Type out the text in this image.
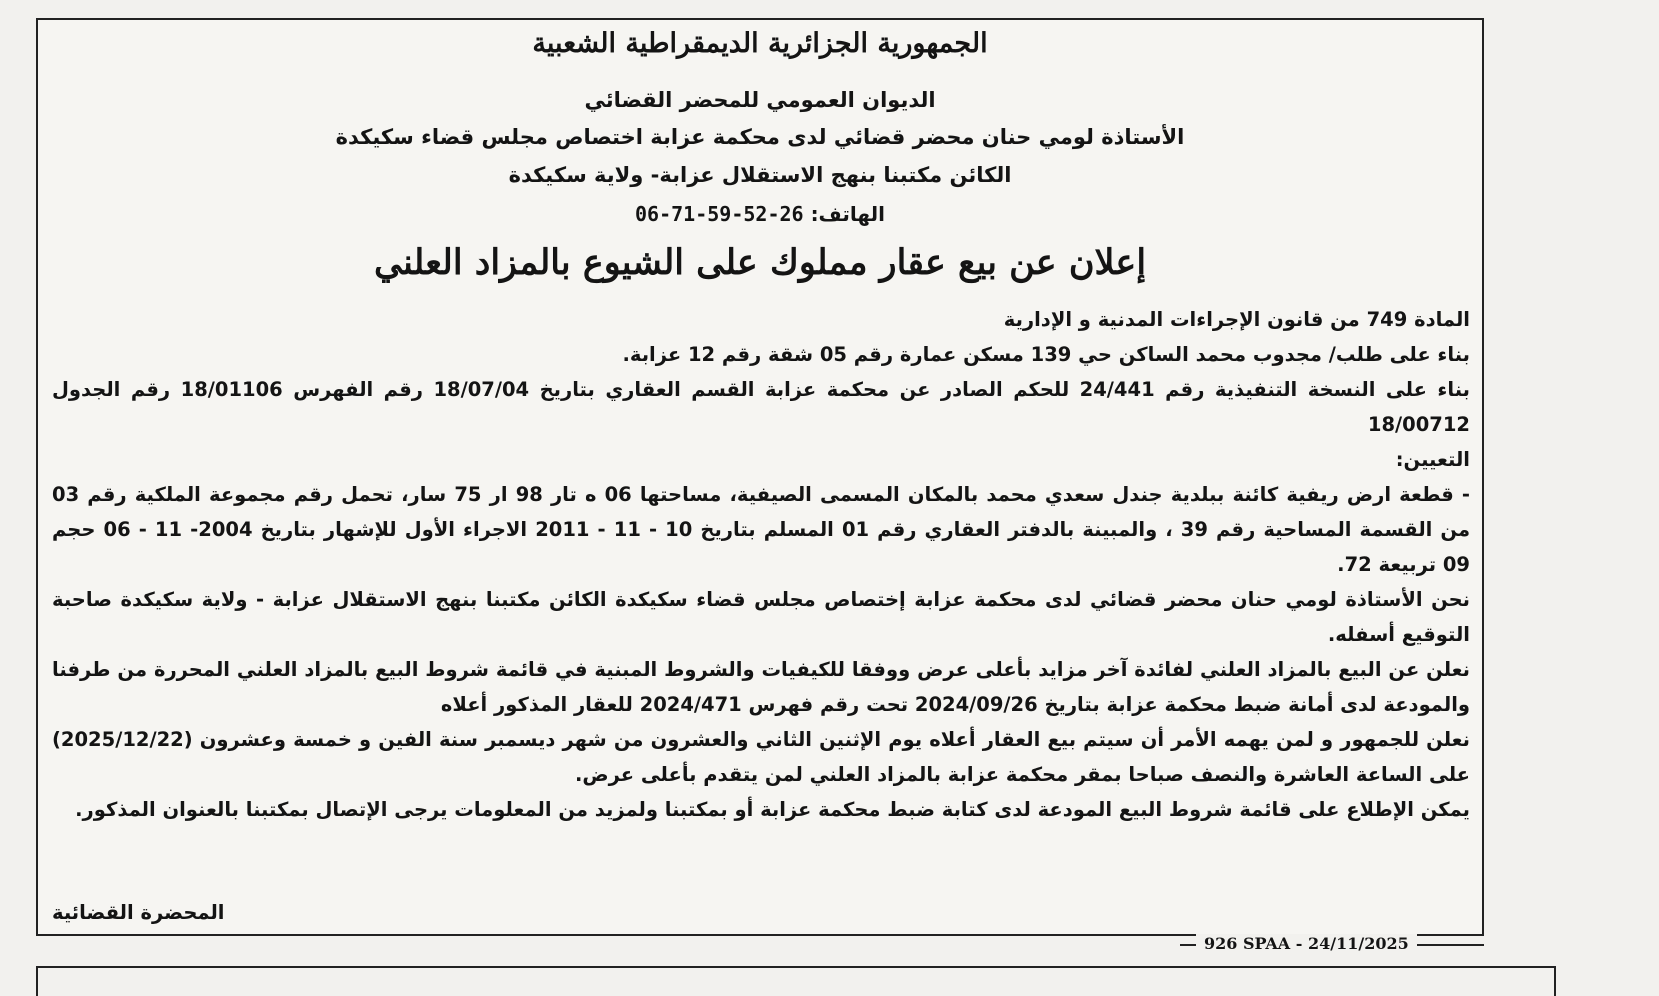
الجمهورية الجزائرية الديمقراطية الشعبية
الديوان العمومي للمحضر القضائي
الأستاذة لومي حنان محضر قضائي لدى محكمة عزابة اختصاص مجلس قضاء سكيكدة
الكائن مكتبنا بنهج الاستقلال عزابة- ولاية سكيكدة
الهاتف: 06-71-59-52-26
إعلان عن بيع عقار مملوك على الشيوع بالمزاد العلني

المادة 749 من قانون الإجراءات المدنية و الإدارية

بناء على طلب/ مجدوب محمد الساكن حي 139 مسكن عمارة رقم 05 شقة رقم 12 عزابة.

بناء على النسخة التنفيذية رقم 24/441 للحكم الصادر عن محكمة عزابة القسم العقاري بتاريخ 18/07/04 رقم الفهرس 18/01106 رقم الجدول 18/00712

التعيين:

- قطعة ارض ريفية كائنة ببلدية جندل سعدي محمد بالمكان المسمى الصيفية، مساحتها 06 ه تار 98 ار 75 سار، تحمل رقم مجموعة الملكية رقم 03 من القسمة المساحية رقم 39 ، والمبينة بالدفتر العقاري رقم 01 المسلم بتاريخ 10 - 11 - 2011 الاجراء الأول للإشهار بتاريخ 2004- 11 - 06 حجم 09 تربيعة 72.

نحن الأستاذة لومي حنان محضر قضائي لدى محكمة عزابة إختصاص مجلس قضاء سكيكدة الكائن مكتبنا بنهج الاستقلال عزابة - ولاية سكيكدة صاحبة التوقيع أسفله.

نعلن عن البيع بالمزاد العلني لفائدة آخر مزايد بأعلى عرض ووفقا للكيفيات والشروط المبنية في قائمة شروط البيع بالمزاد العلني المحررة من طرفنا والمودعة لدى أمانة ضبط محكمة عزابة بتاريخ 2024/09/26 تحت رقم فهرس 2024/471 للعقار المذكور أعلاه

نعلن للجمهور و لمن يهمه الأمر أن سيتم بيع العقار أعلاه يوم الإثنين الثاني والعشرون من شهر ديسمبر سنة الفين و خمسة وعشرون (2025/12/22) على الساعة العاشرة والنصف صباحا بمقر محكمة عزابة بالمزاد العلني لمن يتقدم بأعلى عرض.

يمكن الإطلاع على قائمة شروط البيع المودعة لدى كتابة ضبط محكمة عزابة أو بمكتبنا ولمزيد من المعلومات يرجى الإتصال بمكتبنا بالعنوان المذكور.

المحضرة القضائية
926 SPAA - 24/11/2025
